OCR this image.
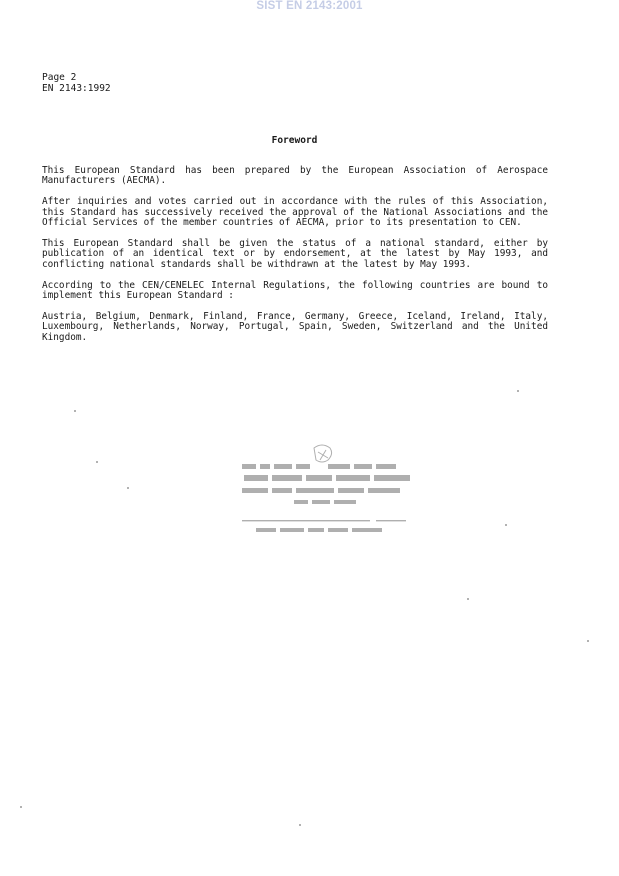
SIST EN 2143:2001
Page 2
EN 2143:1992
Foreword

This European Standard has been prepared by the European Association of Aerospace Manufacturers (AECMA).

After inquiries and votes carried out in accordance with the rules of this Association, this Standard has successively received the approval of the National Associations and the Official Services of the member countries of AECMA, prior to its presentation to CEN.

This European Standard shall be given the status of a national standard, either by publication of an identical text or by endorsement, at the latest by May 1993, and conflicting national standards shall be withdrawn at the latest by May 1993.

According to the CEN/CENELEC Internal Regulations, the following countries are bound to implement this European Standard :

Austria, Belgium, Denmark, Finland, France, Germany, Greece, Iceland, Ireland, Italy, Luxembourg, Netherlands, Norway, Portugal, Spain, Sweden, Switzerland and the United Kingdom.
